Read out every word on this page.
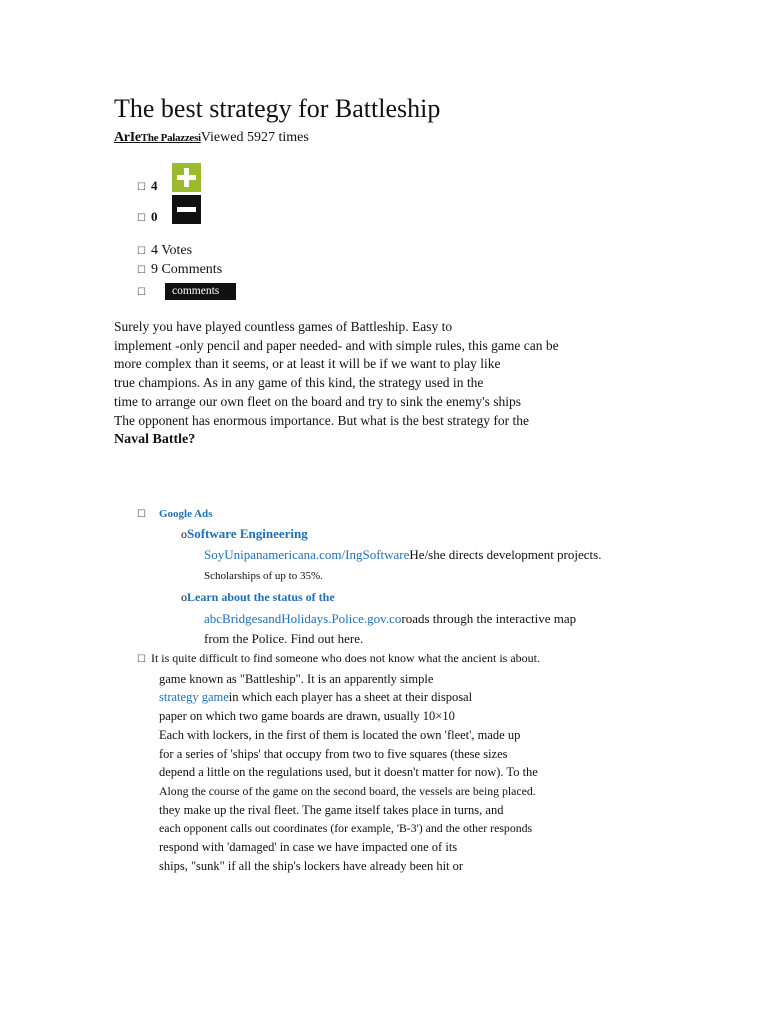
The best strategy for Battleship
ArIeThe PalazzesiViewed 5927 times
☐ 4
☐ 0
☐ 4 Votes
☐ 9 Comments
☐	comments
Surely you have played countless games of Battleship. Easy to
implement -only pencil and paper needed- and with simple rules, this game can be
more complex than it seems, or at least it will be if we want to play like
true champions. As in any game of this kind, the strategy used in the
time to arrange our own fleet on the board and try to sink the enemy's ships
The opponent has enormous importance. But what is the best strategy for the
Naval Battle?
☐ Google Ads
oSoftware Engineering
SoyUnipanamericana.com/IngSoftwareHe/she directs development projects.
Scholarships of up to 35%.
oLearn about the status of the
abcBridgesandHolidays.Police.gov.coroads through the interactive map
from the Police. Find out here.
☐ It is quite difficult to find someone who does not know what the ancient is about.
game known as "Battleship". It is an apparently simple
strategy gamein which each player has a sheet at their disposal
paper on which two game boards are drawn, usually 10×10
Each with lockers, in the first of them is located the own 'fleet', made up
for a series of 'ships' that occupy from two to five squares (these sizes
depend a little on the regulations used, but it doesn't matter for now). To the
Along the course of the game on the second board, the vessels are being placed.
they make up the rival fleet. The game itself takes place in turns, and
each opponent calls out coordinates (for example, 'B-3') and the other responds
respond with 'damaged' in case we have impacted one of its
ships, "sunk" if all the ship's lockers have already been hit or
